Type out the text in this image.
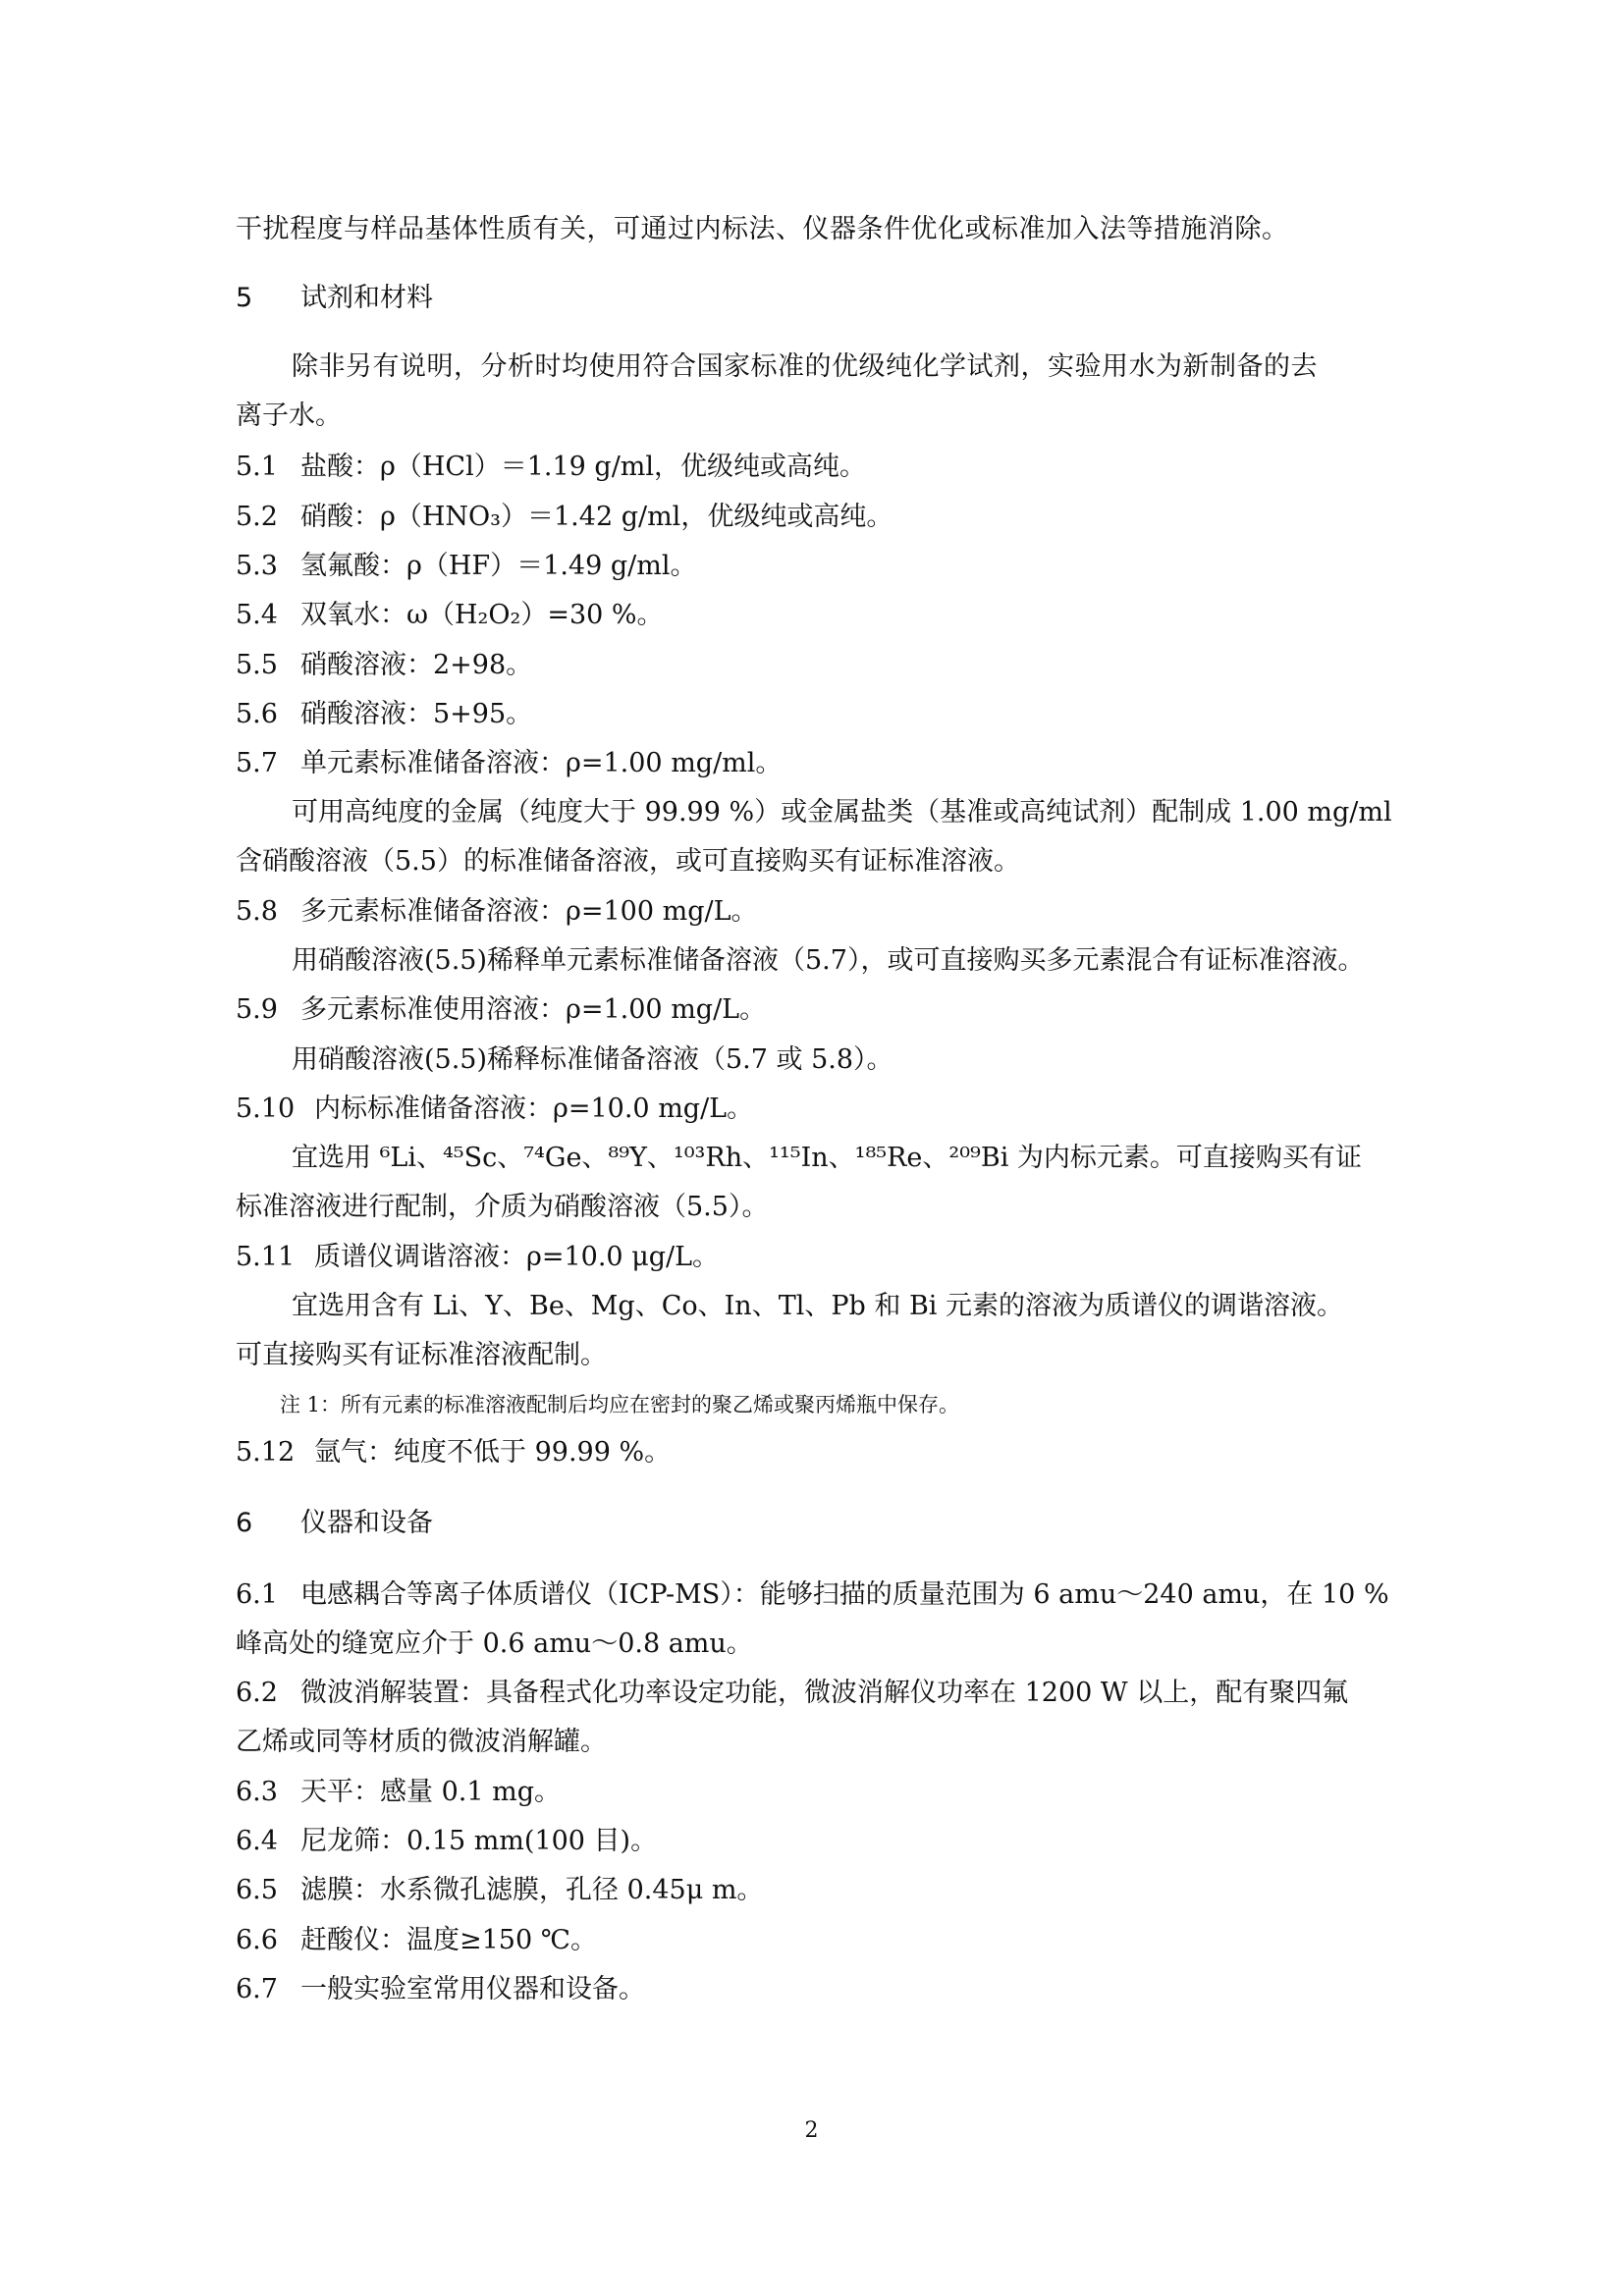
干扰程度与样品基体性质有关，可通过内标法、仪器条件优化或标准加入法等措施消除。
5 试剂和材料
除非另有说明，分析时均使用符合国家标准的优级纯化学试剂，实验用水为新制备的去
离子水。
5.1 盐酸：ρ（HCl）＝1.19 g/ml，优级纯或高纯。
5.2 硝酸：ρ（HNO₃）＝1.42 g/ml，优级纯或高纯。
5.3 氢氟酸：ρ（HF）＝1.49 g/ml。
5.4 双氧水：ω（H₂O₂）=30 %。
5.5 硝酸溶液：2+98。
5.6 硝酸溶液：5+95。
5.7 单元素标准储备溶液：ρ=1.00 mg/ml。
可用高纯度的金属（纯度大于 99.99 %）或金属盐类（基准或高纯试剂）配制成 1.00 mg/ml
含硝酸溶液（5.5）的标准储备溶液，或可直接购买有证标准溶液。
5.8 多元素标准储备溶液：ρ=100 mg/L。
用硝酸溶液(5.5)稀释单元素标准储备溶液（5.7），或可直接购买多元素混合有证标准溶液。
5.9 多元素标准使用溶液：ρ=1.00 mg/L。
用硝酸溶液(5.5)稀释标准储备溶液（5.7 或 5.8）。
5.10 内标标准储备溶液：ρ=10.0 mg/L。
宜选用 ⁶Li、⁴⁵Sc、⁷⁴Ge、⁸⁹Y、¹⁰³Rh、¹¹⁵In、¹⁸⁵Re、²⁰⁹Bi 为内标元素。可直接购买有证
标准溶液进行配制，介质为硝酸溶液（5.5）。
5.11 质谱仪调谐溶液：ρ=10.0 μg/L。
宜选用含有 Li、Y、Be、Mg、Co、In、Tl、Pb 和 Bi 元素的溶液为质谱仪的调谐溶液。
可直接购买有证标准溶液配制。
注 1：所有元素的标准溶液配制后均应在密封的聚乙烯或聚丙烯瓶中保存。
5.12 氩气：纯度不低于 99.99 %。
6 仪器和设备
6.1 电感耦合等离子体质谱仪（ICP-MS）：能够扫描的质量范围为 6 amu～240 amu，在 10 %
峰高处的缝宽应介于 0.6 amu～0.8 amu。
6.2 微波消解装置：具备程式化功率设定功能，微波消解仪功率在 1200 W 以上，配有聚四氟
乙烯或同等材质的微波消解罐。
6.3 天平：感量 0.1 mg。
6.4 尼龙筛：0.15 mm(100 目)。
6.5 滤膜：水系微孔滤膜，孔径 0.45μ m。
6.6 赶酸仪：温度≥150 ℃。
6.7 一般实验室常用仪器和设备。
2
